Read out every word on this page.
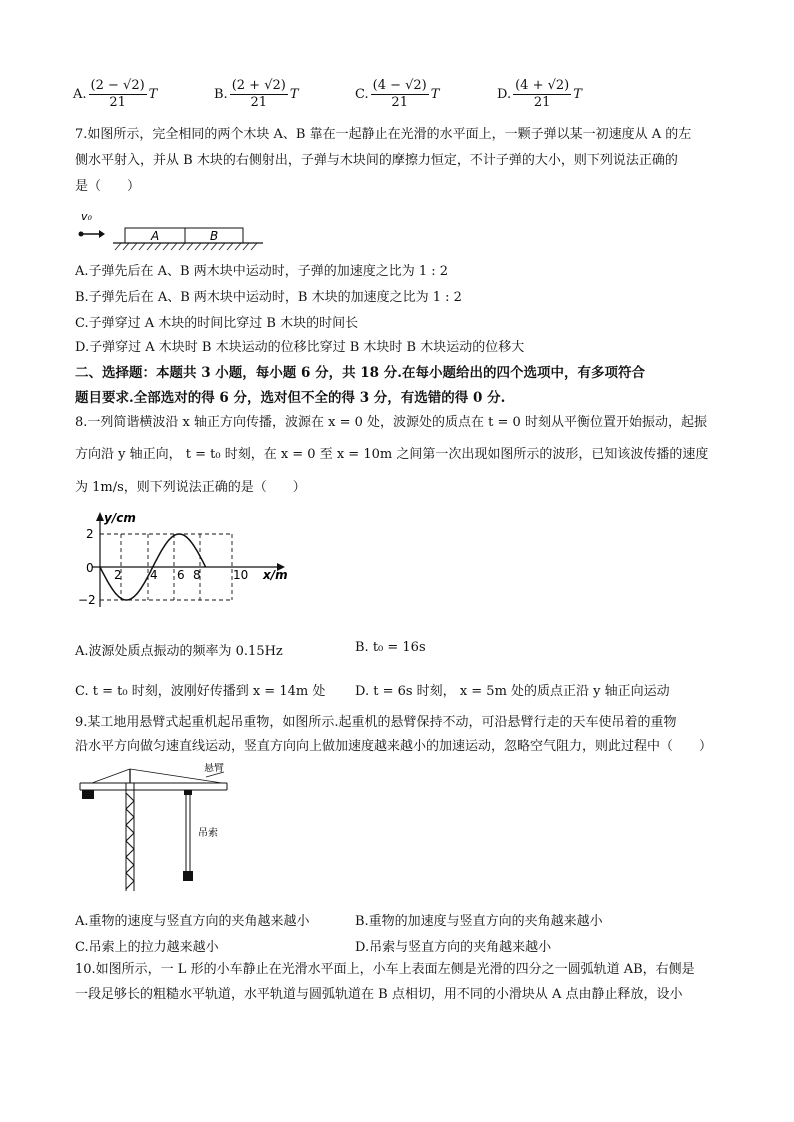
A. $\frac{(2 - √2)}{21}$ T	B. $\frac{(2 + √2)}{21}$ T	C. $\frac{(4 - √2)}{21}$ T	D. $\frac{(4 + √2)}{21}$ T
7.如图所示，完全相同的两个木块 A、B 靠在一起静止在光滑的水平面上，一颗子弹以某一初速度从 A 的左
侧水平射入，并从 B 木块的右侧射出，子弹与木块间的摩擦力恒定，不计子弹的大小，则下列说法正确的
是（　　）
v₀
A	B
A.子弹先后在 A、B 两木块中运动时，子弹的加速度之比为 1 : 2
B.子弹先后在 A、B 两木块中运动时，B 木块的加速度之比为 1 : 2
C.子弹穿过 A 木块的时间比穿过 B 木块的时间长
D.子弹穿过 A 木块时 B 木块运动的位移比穿过 B 木块时 B 木块运动的位移大
二、选择题：本题共 3 小题，每小题 6 分，共 18 分.在每小题给出的四个选项中，有多项符合
题目要求.全部选对的得 6 分，选对但不全的得 3 分，有选错的得 0 分.
8.一列简谐横波沿 x 轴正方向传播，波源在 x = 0 处，波源处的质点在 t = 0 时刻从平衡位置开始振动，起振
方向沿 y 轴正向， t = t₀ 时刻，在 x = 0 至 x = 10m 之间第一次出现如图所示的波形，已知该波传播的速度
为 1m/s，则下列说法正确的是（　　）
y/cm
x/m
2
0
−2
2 4 6 8	10
A.波源处质点振动的频率为 0.15Hz	B. t₀ = 16s
C. t = t₀ 时刻，波刚好传播到 x = 14m 处 D. t = 6s 时刻， x = 5m 处的质点正沿 y 轴正向运动
9.某工地用悬臂式起重机起吊重物，如图所示.起重机的悬臂保持不动，可沿悬臂行走的天车使吊着的重物
沿水平方向做匀速直线运动，竖直方向向上做加速度越来越小的加速运动，忽略空气阻力，则此过程中（　　）
悬臂
吊索
A.重物的速度与竖直方向的夹角越来越小	B.重物的加速度与竖直方向的夹角越来越小
C.吊索上的拉力越来越小	D.吊索与竖直方向的夹角越来越小
10.如图所示，一 L 形的小车静止在光滑水平面上，小车上表面左侧是光滑的四分之一圆弧轨道 AB，右侧是
一段足够长的粗糙水平轨道，水平轨道与圆弧轨道在 B 点相切，用不同的小滑块从 A 点由静止释放，设小
